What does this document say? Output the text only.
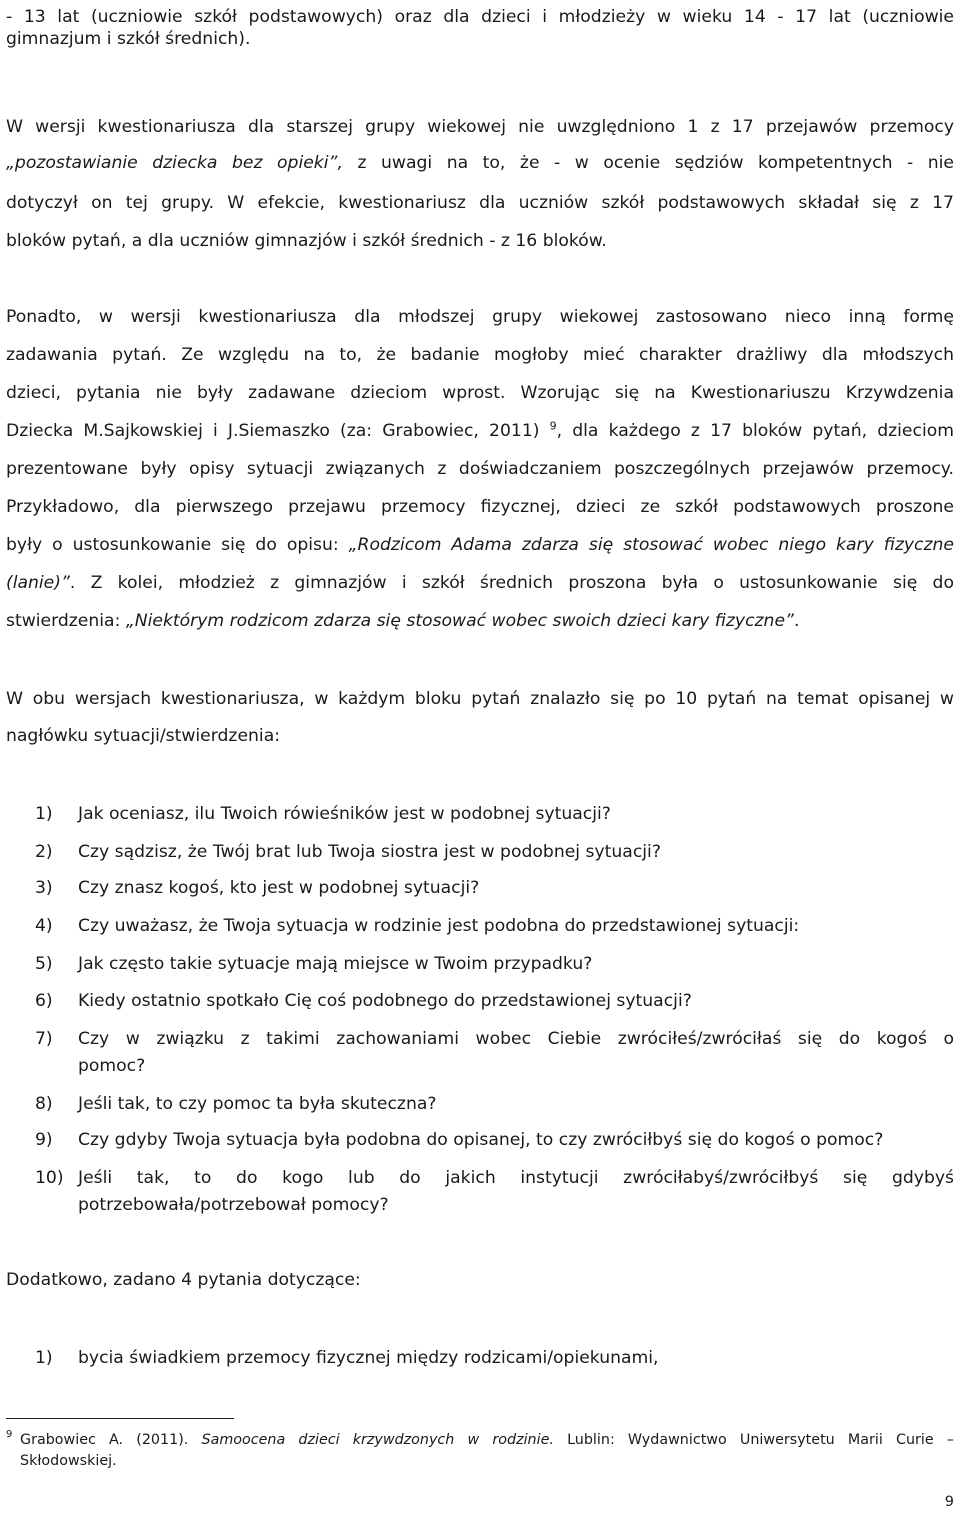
- 13 lat (uczniowie szkół podstawowych) oraz dla dzieci i młodzieży w wieku 14 - 17 lat (uczniowie
gimnazjum i szkół średnich).
W wersji kwestionariusza dla starszej grupy wiekowej nie uwzględniono 1 z 17 przejawów przemocy
„pozostawianie dziecka bez opieki”, z uwagi na to, że - w ocenie sędziów kompetentnych - nie
dotyczył on tej grupy. W efekcie, kwestionariusz dla uczniów szkół podstawowych składał się z 17
bloków pytań, a dla uczniów gimnazjów i szkół średnich - z 16 bloków.
Ponadto, w wersji kwestionariusza dla młodszej grupy wiekowej zastosowano nieco inną formę
zadawania pytań. Ze względu na to, że badanie mogłoby mieć charakter drażliwy dla młodszych
dzieci, pytania nie były zadawane dzieciom wprost. Wzorując się na Kwestionariuszu Krzywdzenia
Dziecka M.Sajkowskiej i J.Siemaszko (za: Grabowiec, 2011) $^9$, dla każdego z 17 bloków pytań, dzieciom
prezentowane były opisy sytuacji związanych z doświadczaniem poszczególnych przejawów przemocy.
Przykładowo, dla pierwszego przejawu przemocy fizycznej, dzieci ze szkół podstawowych proszone
były o ustosunkowanie się do opisu: „Rodzicom Adama zdarza się stosować wobec niego kary fizyczne
(lanie)”. Z kolei, młodzież z gimnazjów i szkół średnich proszona była o ustosunkowanie się do
stwierdzenia: „Niektórym rodzicom zdarza się stosować wobec swoich dzieci kary fizyczne”.
W obu wersjach kwestionariusza, w każdym bloku pytań znalazło się po 10 pytań na temat opisanej w
nagłówku sytuacji/stwierdzenia:
1)	Jak oceniasz, ilu Twoich rówieśników jest w podobnej sytuacji?
2)	Czy sądzisz, że Twój brat lub Twoja siostra jest w podobnej sytuacji?
3)	Czy znasz kogoś, kto jest w podobnej sytuacji?
4)	Czy uważasz, że Twoja sytuacja w rodzinie jest podobna do przedstawionej sytuacji:
5)	Jak często takie sytuacje mają miejsce w Twoim przypadku?
6)	Kiedy ostatnio spotkało Cię coś podobnego do przedstawionej sytuacji?
7)	Czy w związku z takimi zachowaniami wobec Ciebie zwróciłeś/zwróciłaś się do kogoś o
pomoc?
8)	Jeśli tak, to czy pomoc ta była skuteczna?
9)	Czy gdyby Twoja sytuacja była podobna do opisanej, to czy zwróciłbyś się do kogoś o pomoc?
10) Jeśli tak, to do kogo lub do jakich instytucji zwróciłabyś/zwróciłbyś się gdybyś
potrzebowała/potrzebował pomocy?
Dodatkowo, zadano 4 pytania dotyczące:
1)	bycia świadkiem przemocy fizycznej między rodzicami/opiekunami,
9 Grabowiec A. (2011). Samoocena dzieci krzywdzonych w rodzinie. Lublin: Wydawnictwo Uniwersytetu Marii Curie –
Skłodowskiej.
9
